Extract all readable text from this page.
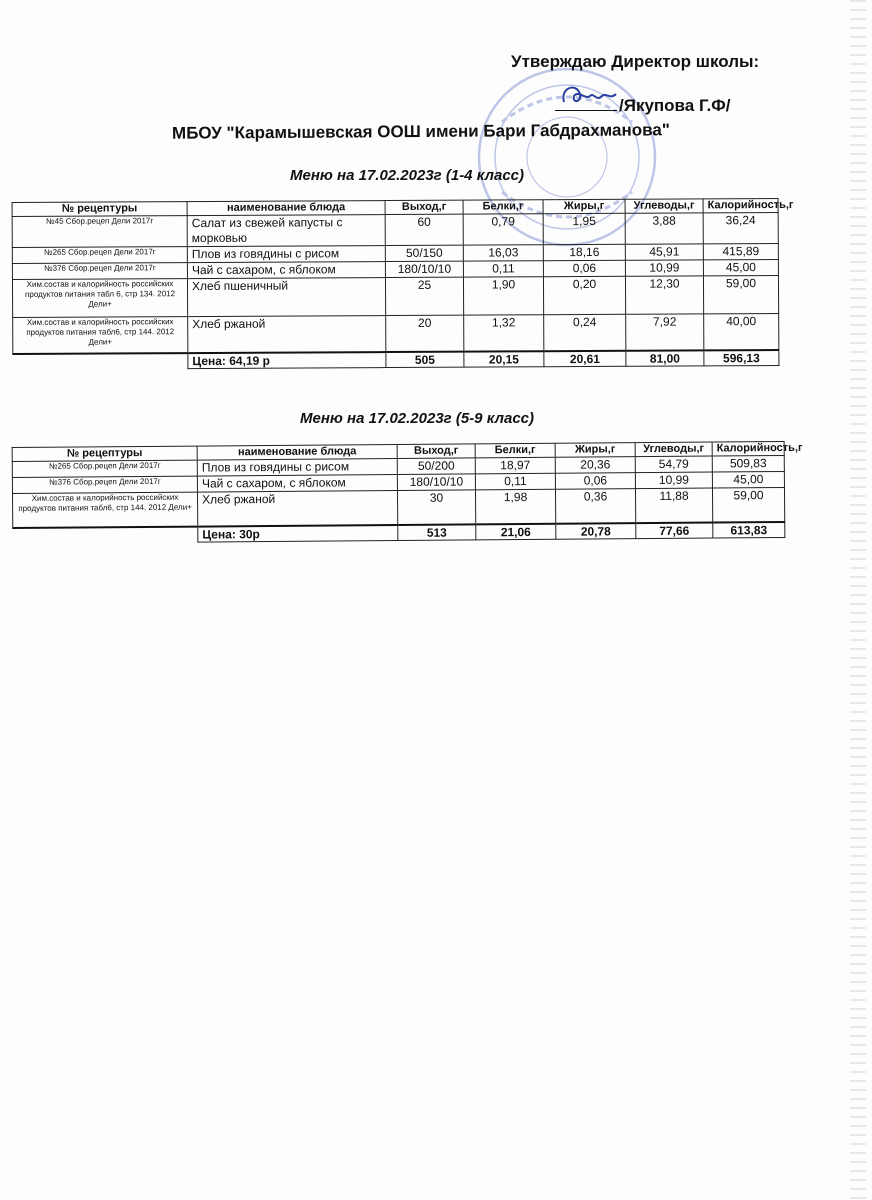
Утверждаю Директор школы:
/Якупова Г.Ф/
МБОУ "Карамышевская ООШ имени Бари Габдрахманова"
Меню на 17.02.2023г (1-4 класс)
№ рецептуры	наименование блюда	Выход,г	Белки,г	Жиры,г	Углеводы,г	Калорийность,г
№45 Сбор.рецеп Дели 2017г	Салат из свежей капусты с морковью	60	0,79	1,95	3,88	36,24
№265 Сбор.рецеп Дели 2017г	Плов из говядины с рисом	50/150	16,03	18,16	45,91	415,89
№376 Сбор.рецеп Дели 2017г	Чай с сахаром, с яблоком	180/10/10	0,11	0,06	10,99	45,00
Хим.состав и калорийность российских продуктов питания табл 6, стр 134. 2012 Дели+	Хлеб пшеничный	25	1,90	0,20	12,30	59,00
Хим.состав и калорийность российских продуктов питания табл6, стр 144. 2012 Дели+	Хлеб ржаной	20	1,32	0,24	7,92	40,00
	Цена: 64,19 р	505	20,15	20,61	81,00	596,13
Меню на 17.02.2023г (5-9 класс)
№ рецептуры	наименование блюда	Выход,г	Белки,г	Жиры,г	Углеводы,г	Калорийность,г
№265 Сбор.рецеп Дели 2017г	Плов из говядины с рисом	50/200	18,97	20,36	54,79	509,83
№376 Сбор.рецеп Дели 2017г	Чай с сахаром, с яблоком	180/10/10	0,11	0,06	10,99	45,00
Хим.состав и калорийность российских продуктов питания табл6, стр 144. 2012 Дели+	Хлеб ржаной	30	1,98	0,36	11,88	59,00
	Цена: 30р	513	21,06	20,78	77,66	613,83
